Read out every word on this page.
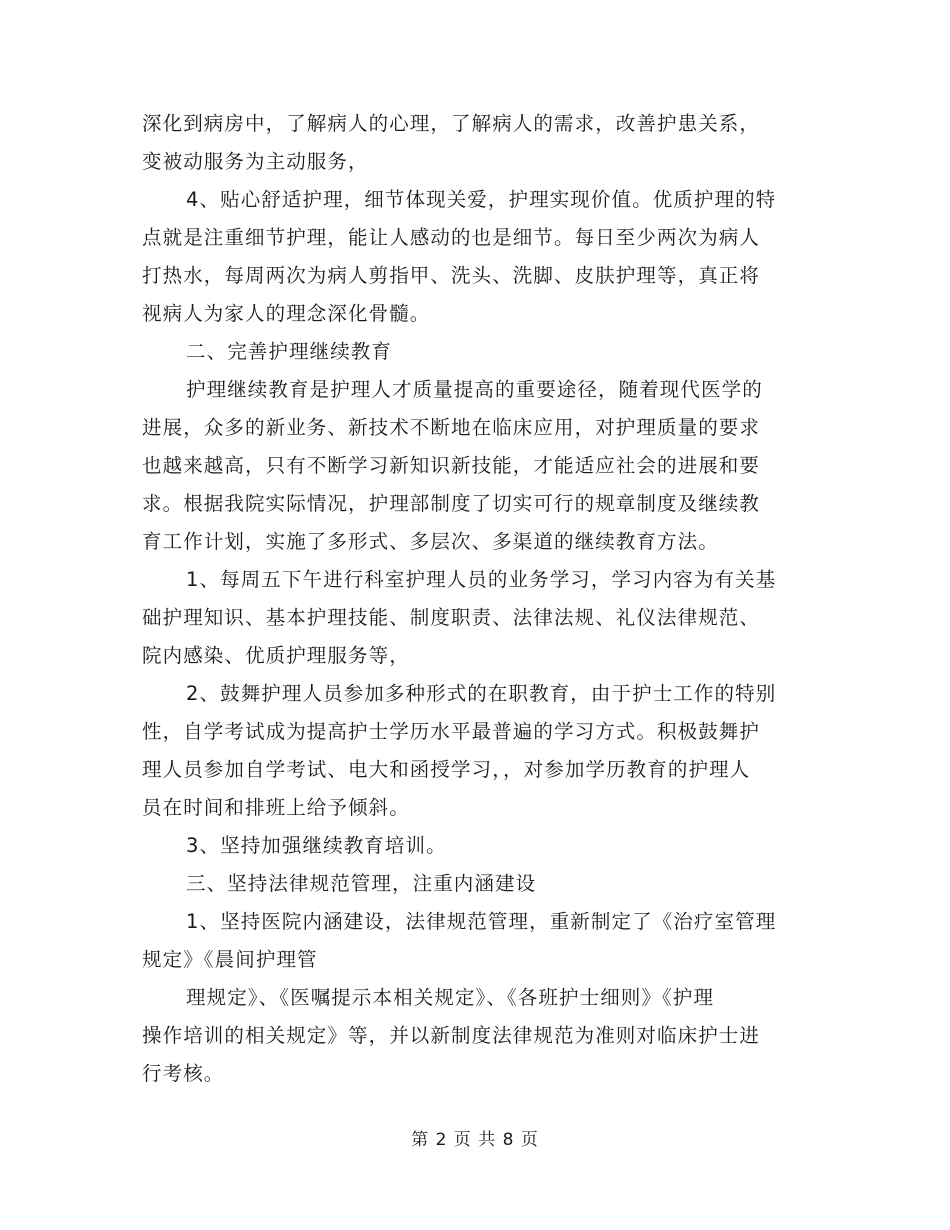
深化到病房中，了解病人的心理，了解病人的需求，改善护患关系，
变被动服务为主动服务，
4、贴心舒适护理，细节体现关爱，护理实现价值。优质护理的特
点就是注重细节护理，能让人感动的也是细节。每日至少两次为病人
打热水，每周两次为病人剪指甲、洗头、洗脚、皮肤护理等，真正将
视病人为家人的理念深化骨髓。
二、完善护理继续教育
护理继续教育是护理人才质量提高的重要途径，随着现代医学的
进展，众多的新业务、新技术不断地在临床应用，对护理质量的要求
也越来越高，只有不断学习新知识新技能，才能适应社会的进展和要
求。根据我院实际情况，护理部制度了切实可行的规章制度及继续教
育工作计划，实施了多形式、多层次、多渠道的继续教育方法。
1、每周五下午进行科室护理人员的业务学习，学习内容为有关基
础护理知识、基本护理技能、制度职责、法律法规、礼仪法律规范、
院内感染、优质护理服务等，
2、鼓舞护理人员参加多种形式的在职教育，由于护士工作的特别
性，自学考试成为提高护士学历水平最普遍的学习方式。积极鼓舞护
理人员参加自学考试、电大和函授学习，，对参加学历教育的护理人
员在时间和排班上给予倾斜。
3、坚持加强继续教育培训。
三、坚持法律规范管理，注重内涵建设
1、坚持医院内涵建设，法律规范管理，重新制定了《治疗室管理
规定》《晨间护理管
理规定》、《医嘱提示本相关规定》、《各班护士细则》《护理
操作培训的相关规定》等，并以新制度法律规范为准则对临床护士进
行考核。
第 2 页 共 8 页
